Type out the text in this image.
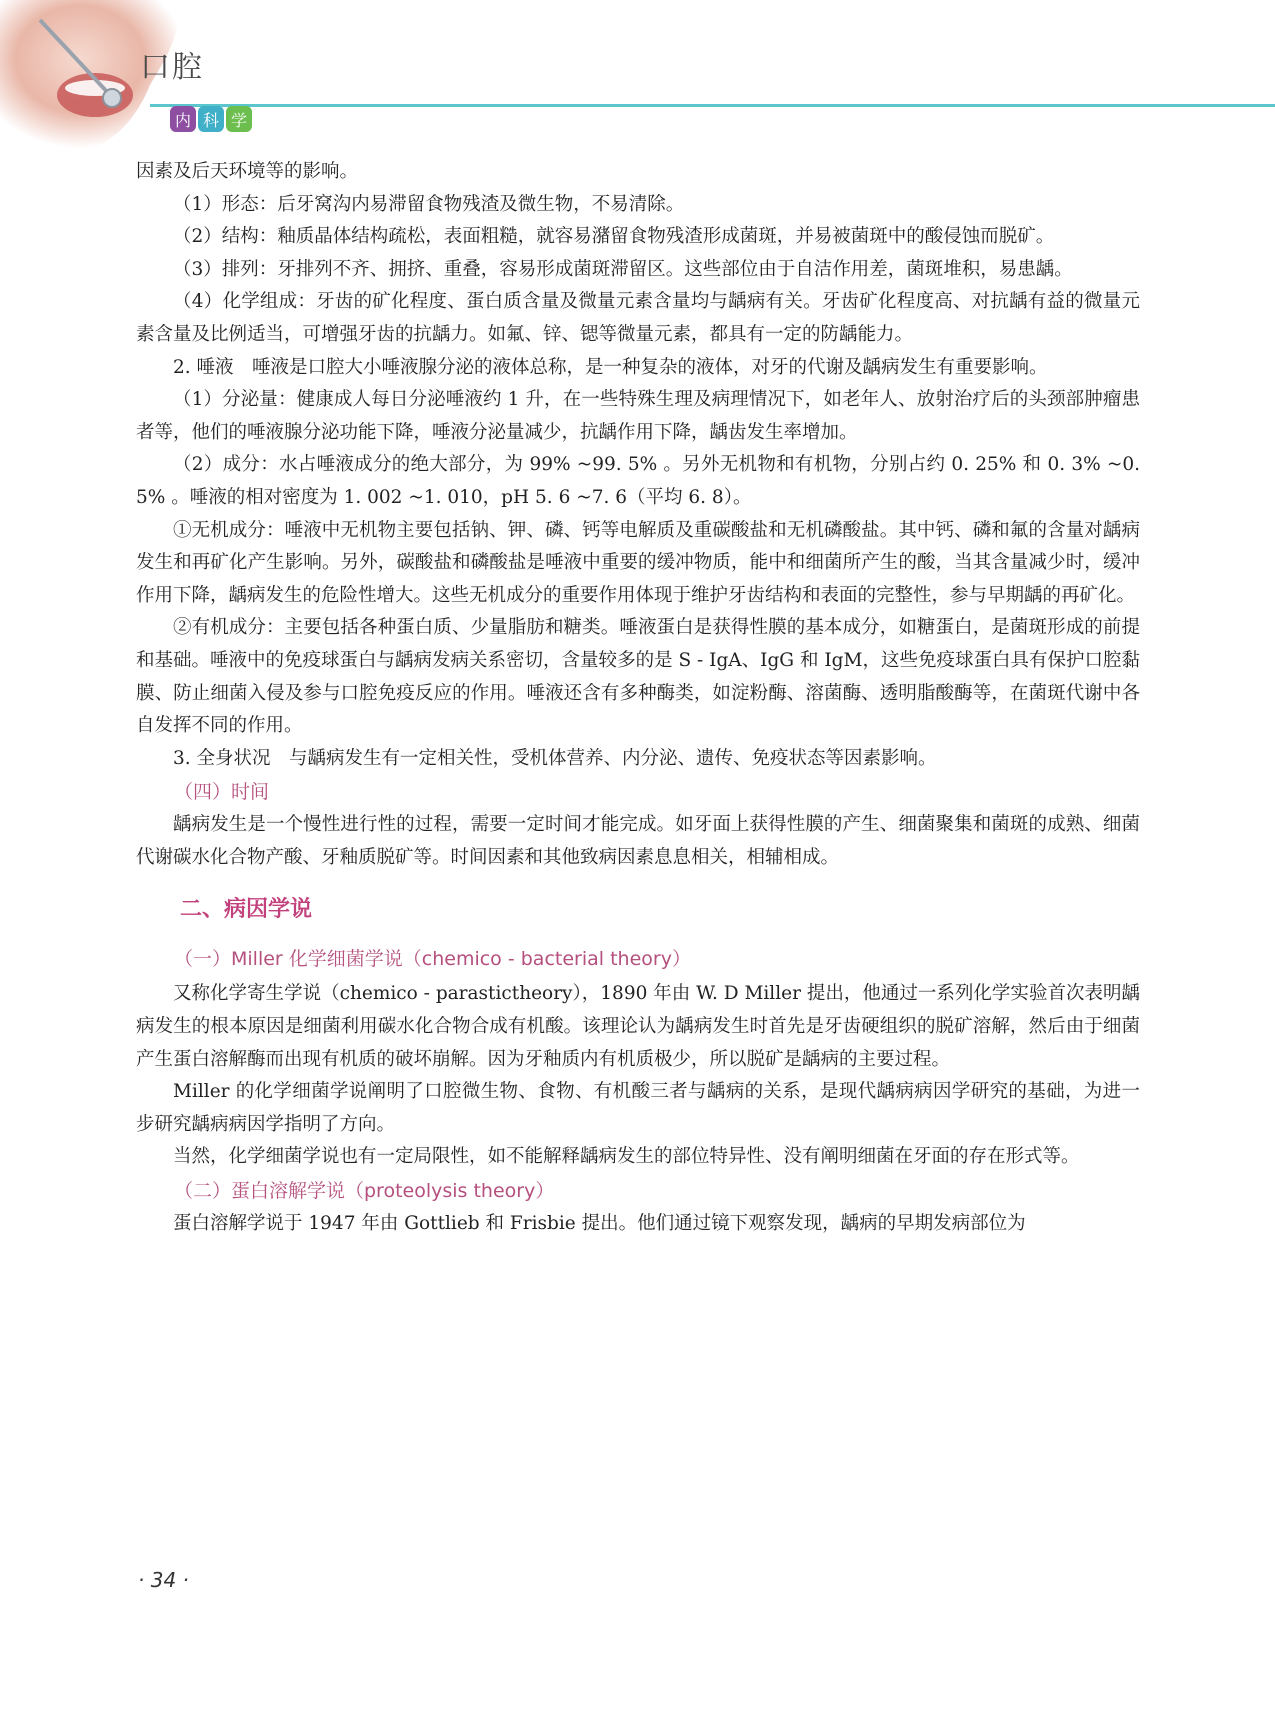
口腔
内 科 学

因素及后天环境等的影响。

（1）形态：后牙窝沟内易滞留食物残渣及微生物，不易清除。

（2）结构：釉质晶体结构疏松，表面粗糙，就容易潴留食物残渣形成菌斑，并易被菌斑中的酸侵蚀而脱矿。

（3）排列：牙排列不齐、拥挤、重叠，容易形成菌斑滞留区。这些部位由于自洁作用差，菌斑堆积，易患龋。

（4）化学组成：牙齿的矿化程度、蛋白质含量及微量元素含量均与龋病有关。牙齿矿化程度高、对抗龋有益的微量元素含量及比例适当，可增强牙齿的抗龋力。如氟、锌、锶等微量元素，都具有一定的防龋能力。

2. 唾液　唾液是口腔大小唾液腺分泌的液体总称，是一种复杂的液体，对牙的代谢及龋病发生有重要影响。

（1）分泌量：健康成人每日分泌唾液约 1 升，在一些特殊生理及病理情况下，如老年人、放射治疗后的头颈部肿瘤患者等，他们的唾液腺分泌功能下降，唾液分泌量减少，抗龋作用下降，龋齿发生率增加。

（2）成分：水占唾液成分的绝大部分，为 99% ~99. 5% 。另外无机物和有机物，分别占约 0. 25% 和 0. 3% ~0. 5% 。唾液的相对密度为 1. 002 ~1. 010，pH 5. 6 ~7. 6（平均 6. 8）。

①无机成分：唾液中无机物主要包括钠、钾、磷、钙等电解质及重碳酸盐和无机磷酸盐。其中钙、磷和氟的含量对龋病发生和再矿化产生影响。另外，碳酸盐和磷酸盐是唾液中重要的缓冲物质，能中和细菌所产生的酸，当其含量减少时，缓冲作用下降，龋病发生的危险性增大。这些无机成分的重要作用体现于维护牙齿结构和表面的完整性，参与早期龋的再矿化。

②有机成分：主要包括各种蛋白质、少量脂肪和糖类。唾液蛋白是获得性膜的基本成分，如糖蛋白，是菌斑形成的前提和基础。唾液中的免疫球蛋白与龋病发病关系密切，含量较多的是 S - IgA、IgG 和 IgM，这些免疫球蛋白具有保护口腔黏膜、防止细菌入侵及参与口腔免疫反应的作用。唾液还含有多种酶类，如淀粉酶、溶菌酶、透明脂酸酶等，在菌斑代谢中各自发挥不同的作用。

3. 全身状况　与龋病发生有一定相关性，受机体营养、内分泌、遗传、免疫状态等因素影响。

（四）时间

龋病发生是一个慢性进行性的过程，需要一定时间才能完成。如牙面上获得性膜的产生、细菌聚集和菌斑的成熟、细菌代谢碳水化合物产酸、牙釉质脱矿等。时间因素和其他致病因素息息相关，相辅相成。

二、病因学说

（一）Miller 化学细菌学说（chemico - bacterial theory）

又称化学寄生学说（chemico - parastictheory），1890 年由 W. D Miller 提出，他通过一系列化学实验首次表明龋病发生的根本原因是细菌利用碳水化合物合成有机酸。该理论认为龋病发生时首先是牙齿硬组织的脱矿溶解，然后由于细菌产生蛋白溶解酶而出现有机质的破坏崩解。因为牙釉质内有机质极少，所以脱矿是龋病的主要过程。

Miller 的化学细菌学说阐明了口腔微生物、食物、有机酸三者与龋病的关系，是现代龋病病因学研究的基础，为进一步研究龋病病因学指明了方向。

当然，化学细菌学说也有一定局限性，如不能解释龋病发生的部位特异性、没有阐明细菌在牙面的存在形式等。

（二）蛋白溶解学说（proteolysis theory）

蛋白溶解学说于 1947 年由 Gottlieb 和 Frisbie 提出。他们通过镜下观察发现，龋病的早期发病部位为

· 34 ·
